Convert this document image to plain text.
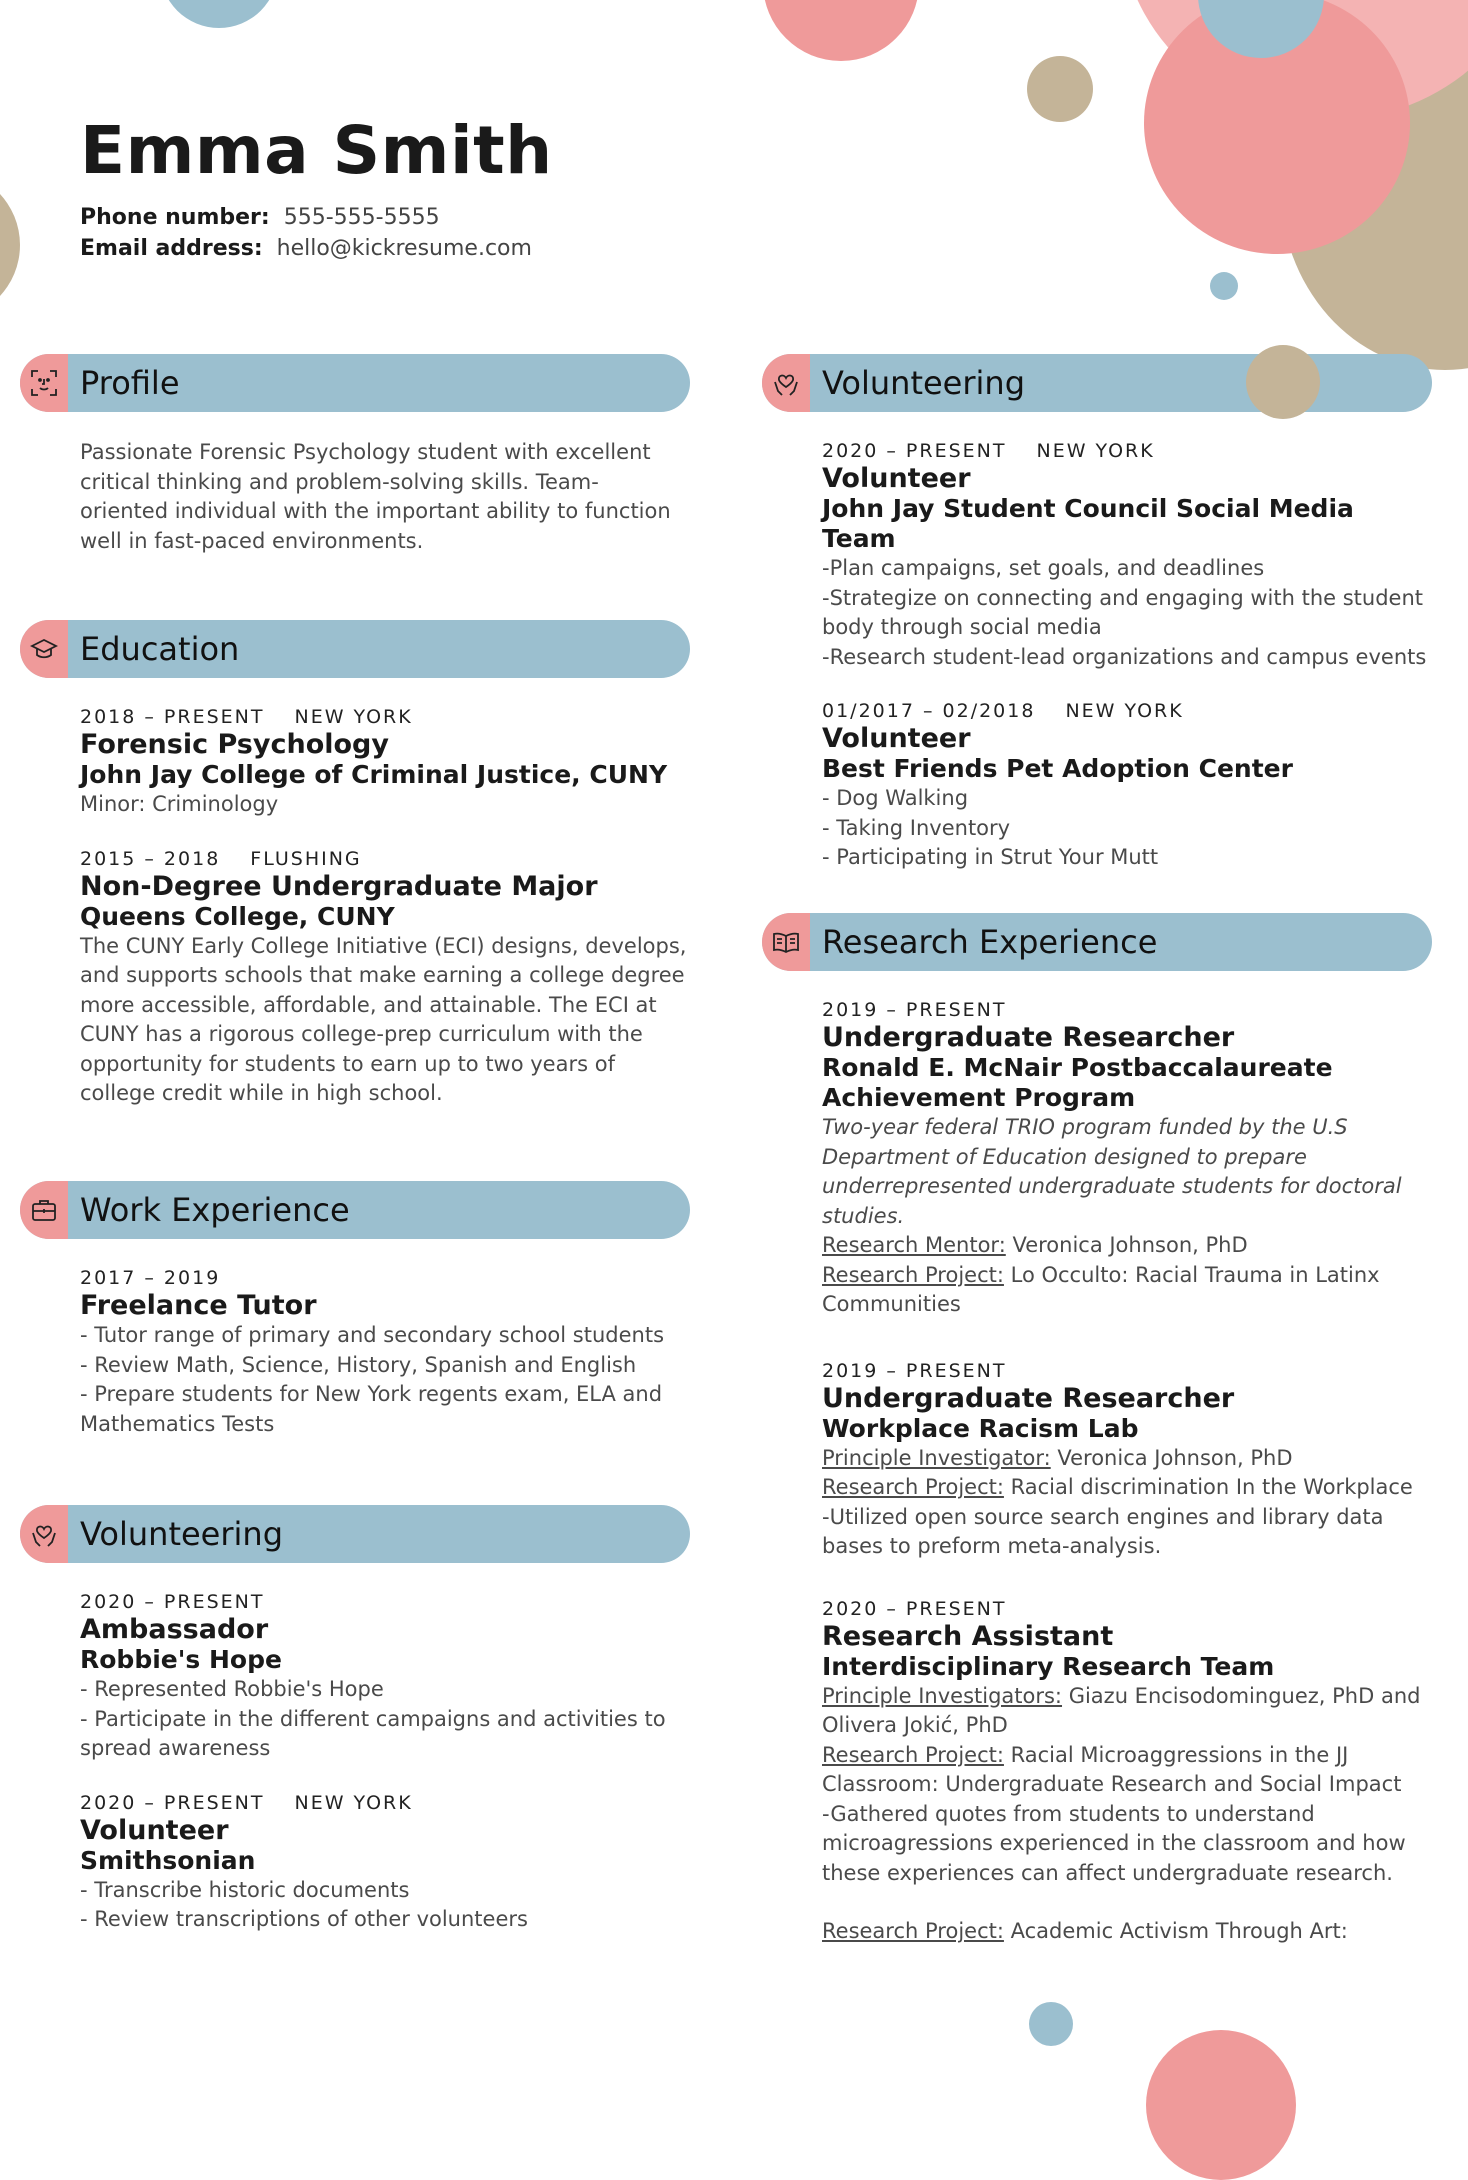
Emma Smith
Phone number: 555-555-5555
Email address: hello@kickresume.com
Profile
Passionate Forensic Psychology student with excellent critical thinking and problem-solving skills. Team-oriented individual with the important ability to function well in fast-paced environments.
Education
2018 – PRESENT NEW YORK
Forensic Psychology
John Jay College of Criminal Justice, CUNY
Minor: Criminology
2015 – 2018 FLUSHING
Non-Degree Undergraduate Major
Queens College, CUNY
The CUNY Early College Initiative (ECI) designs, develops, and supports schools that make earning a college degree more accessible, affordable, and attainable. The ECI at CUNY has a rigorous college-prep curriculum with the opportunity for students to earn up to two years of college credit while in high school.
Work Experience
2017 – 2019
Freelance Tutor
- Tutor range of primary and secondary school students
- Review Math, Science, History, Spanish and English
- Prepare students for New York regents exam, ELA and Mathematics Tests
Volunteering
2020 – PRESENT
Ambassador
Robbie's Hope
- Represented Robbie's Hope
- Participate in the different campaigns and activities to spread awareness
2020 – PRESENT NEW YORK
Volunteer
Smithsonian
- Transcribe historic documents
- Review transcriptions of other volunteers
Volunteering
2020 – PRESENT NEW YORK
Volunteer
John Jay Student Council Social Media Team
-Plan campaigns, set goals, and deadlines
-Strategize on connecting and engaging with the student body through social media
-Research student-lead organizations and campus events
01/2017 – 02/2018 NEW YORK
Volunteer
Best Friends Pet Adoption Center
- Dog Walking
- Taking Inventory
- Participating in Strut Your Mutt
Research Experience
2019 – PRESENT
Undergraduate Researcher
Ronald E. McNair Postbaccalaureate Achievement Program
Two-year federal TRIO program funded by the U.S Department of Education designed to prepare underrepresented undergraduate students for doctoral studies.
Research Mentor: Veronica Johnson, PhD
Research Project: Lo Occulto: Racial Trauma in Latinx Communities
2019 – PRESENT
Undergraduate Researcher
Workplace Racism Lab
Principle Investigator: Veronica Johnson, PhD
Research Project: Racial discrimination In the Workplace
-Utilized open source search engines and library data bases to preform meta-analysis.
2020 – PRESENT
Research Assistant
Interdisciplinary Research Team
Principle Investigators: Giazu Encisodominguez, PhD and Olivera Jokić, PhD
Research Project: Racial Microaggressions in the JJ Classroom: Undergraduate Research and Social Impact
-Gathered quotes from students to understand microagressions experienced in the classroom and how these experiences can affect undergraduate research.
Research Project: Academic Activism Through Art:
